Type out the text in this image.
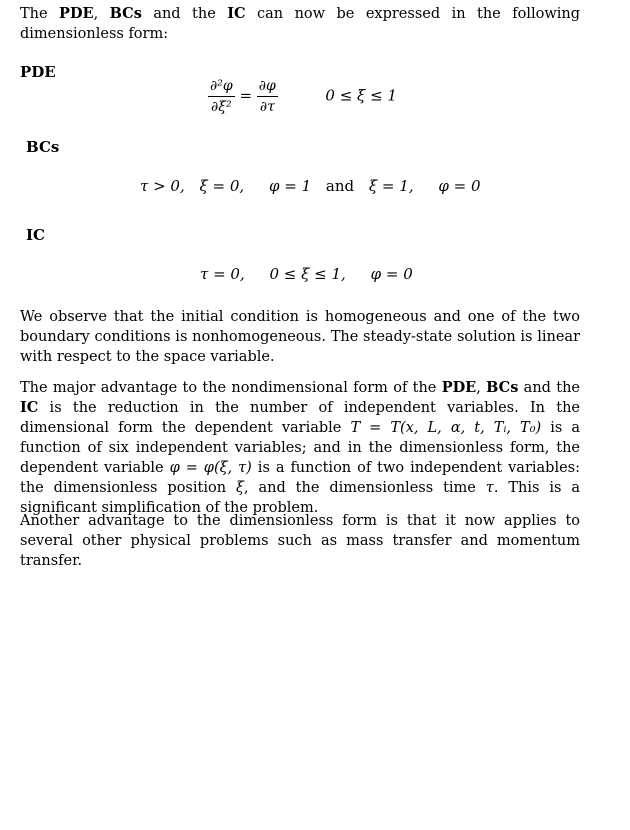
The PDE, BCs and the IC can now be expressed in the following dimensionless form:

PDE
$\frac{\text{∂²φ}}{\text{∂ξ²}} = \frac{\partial\varphi}{\partial\tau}$	0 ≤ ξ ≤ 1
BCs
τ > 0, ξ = 0, φ = 1 and ξ = 1, φ = 0
IC
τ = 0, 0 ≤ ξ ≤ 1, φ = 0

We observe that the initial condition is homogeneous and one of the two boundary conditions is nonhomogeneous. The steady-state solution is linear with respect to the space variable.

The major advantage to the nondimensional form of the PDE, BCs and the IC is the reduction in the number of independent variables. In the dimensional form the dependent variable T = T(x, L, α, t, Tᵢ, T₀) is a function of six independent variables; and in the dimensionless form, the dependent variable φ = φ(ξ, τ) is a function of two independent variables: the dimensionless position ξ, and the dimensionless time τ. This is a significant simplification of the problem.

Another advantage to the dimensionless form is that it now applies to several other physical problems such as mass transfer and momentum transfer.
